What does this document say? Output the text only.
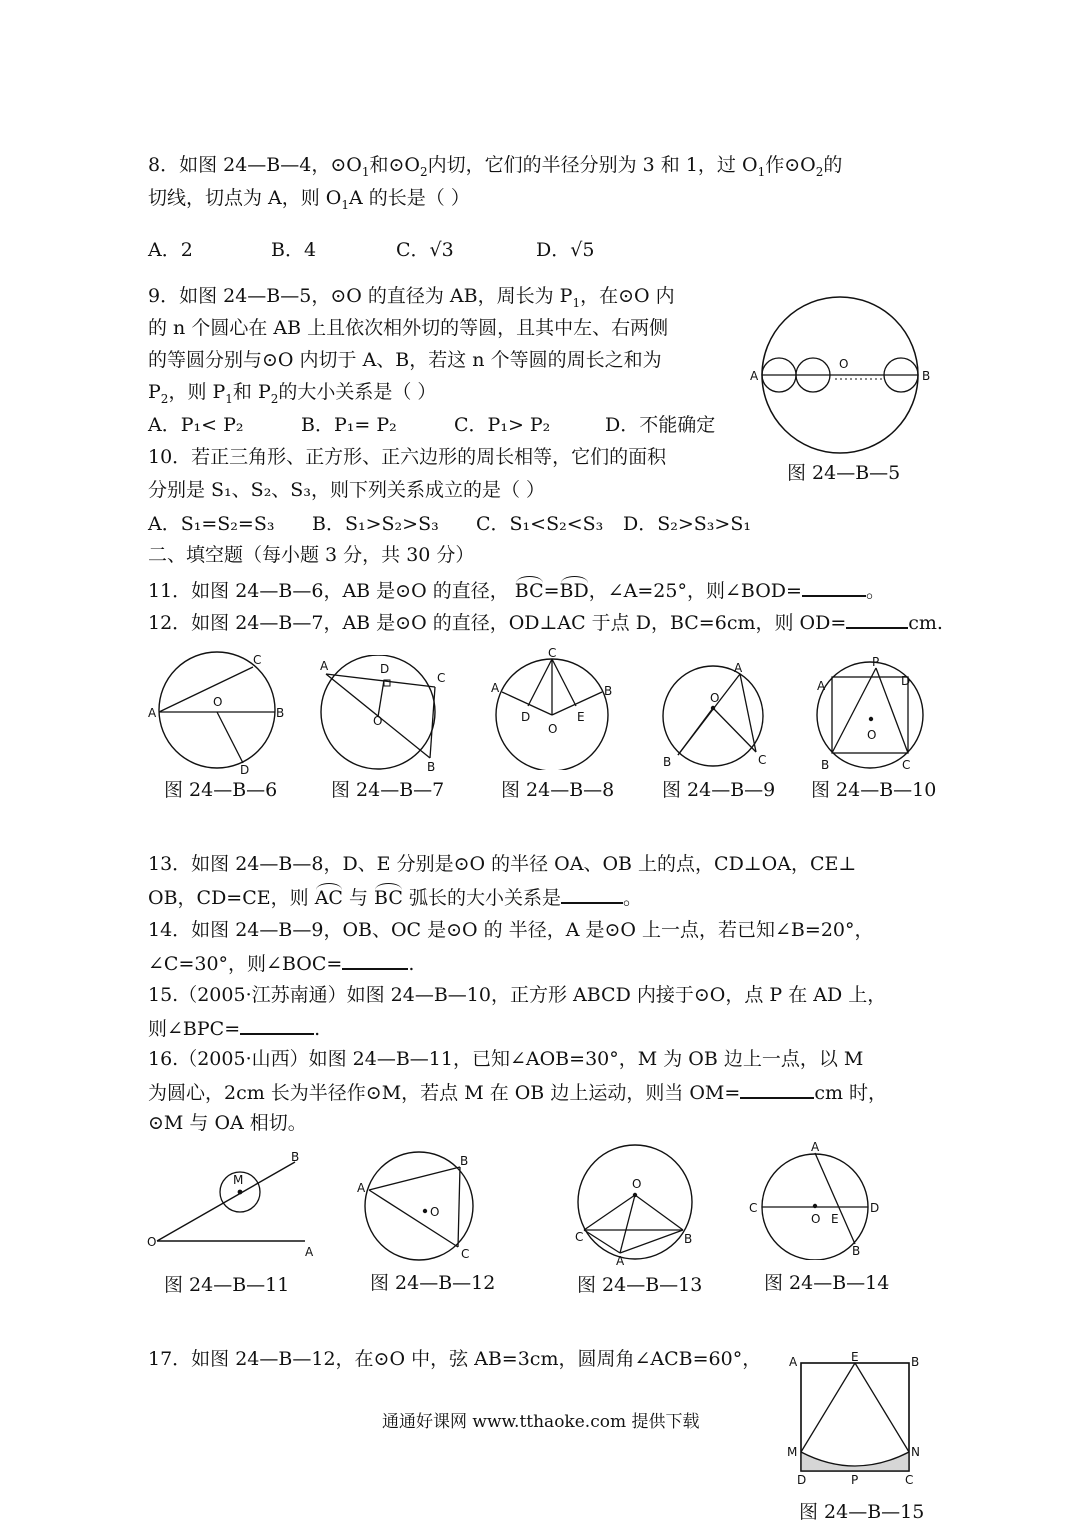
8．如图 24—B—4，$⊙O_1$和$⊙O_2$内切，它们的半径分别为 3 和 1，过 $O_1$作$⊙O_2$的
切线，切点为 A，则 $O_1A$ 的长是（ ）
A．2	B．4	C．√3	D．√5
9．如图 24—B—5，⊙O 的直径为 AB，周长为 $P_1$，在⊙O 内
的 n 个圆心在 AB 上且依次相外切的等圆，且其中左、右两侧
的等圆分别与⊙O 内切于 A、B，若这 n 个等圆的周长之和为
$P_2$，则 $P_1$和 $P_2$的大小关系是（ ）
A．P₁< P₂	B．P₁= P₂	C．P₁> P₂	D．不能确定
A	B
O
图 24—B—5
10．若正三角形、正方形、正六边形的周长相等，它们的面积
分别是 S₁、S₂、S₃，则下列关系成立的是（ ）
A．S₁=S₂=S₃ B．S₁>S₂>S₃ C．S₁<S₂<S₃ D．S₂>S₃>S₁
二、填空题（每小题 3 分，共 30 分）
11．如图 24—B—6，AB 是⊙O 的直径， BC=BD，∠A=25°，则∠BOD=	。
12．如图 24—B—7，AB 是⊙O 的直径，OD⊥AC 于点 D，BC=6cm，则 OD=	cm.
A	B
C
D
O
图 24—B—6
A	D
C
B
O
图 24—B—7
A	B
C
D	E
O
图 24—B—8
A
B	C
O
图 24—B—9
P
A	D
B	C
O
图 24—B—10
13．如图 24—B—8，D、E 分别是⊙O 的半径 OA、OB 上的点，CD⊥OA，CE⊥
OB，CD=CE，则 AC 与 BC 弧长的大小关系是	。
14．如图 24—B—9，OB、OC 是⊙O 的 半径，A 是⊙O 上一点，若已知∠B=20°，
∠C=30°，则∠BOC=	.
15.（2005·江苏南通）如图 24—B—10，正方形 ABCD 内接于⊙O，点 P 在 AD 上，
则∠BPC=	.
16.（2005·山西）如图 24—B—11，已知∠AOB=30°，M 为 OB 边上一点，以 M
为圆心，2cm 长为半径作⊙M，若点 M 在 OB 边上运动，则当 OM=	cm 时，
⊙M 与 OA 相切。
O
A
B
M
图 24—B—11
A
B
C
O
图 24—B—12
O
C	B
A
图 24—B—13
A
C	D
O E
B
图 24—B—14
17．如图 24—B—12，在⊙O 中，弦 AB=3cm，圆周角∠ACB=60°， A	E	B
M	N
D	P	C
图 24—B—15
通通好课网 www.tthaoke.com 提供下载
